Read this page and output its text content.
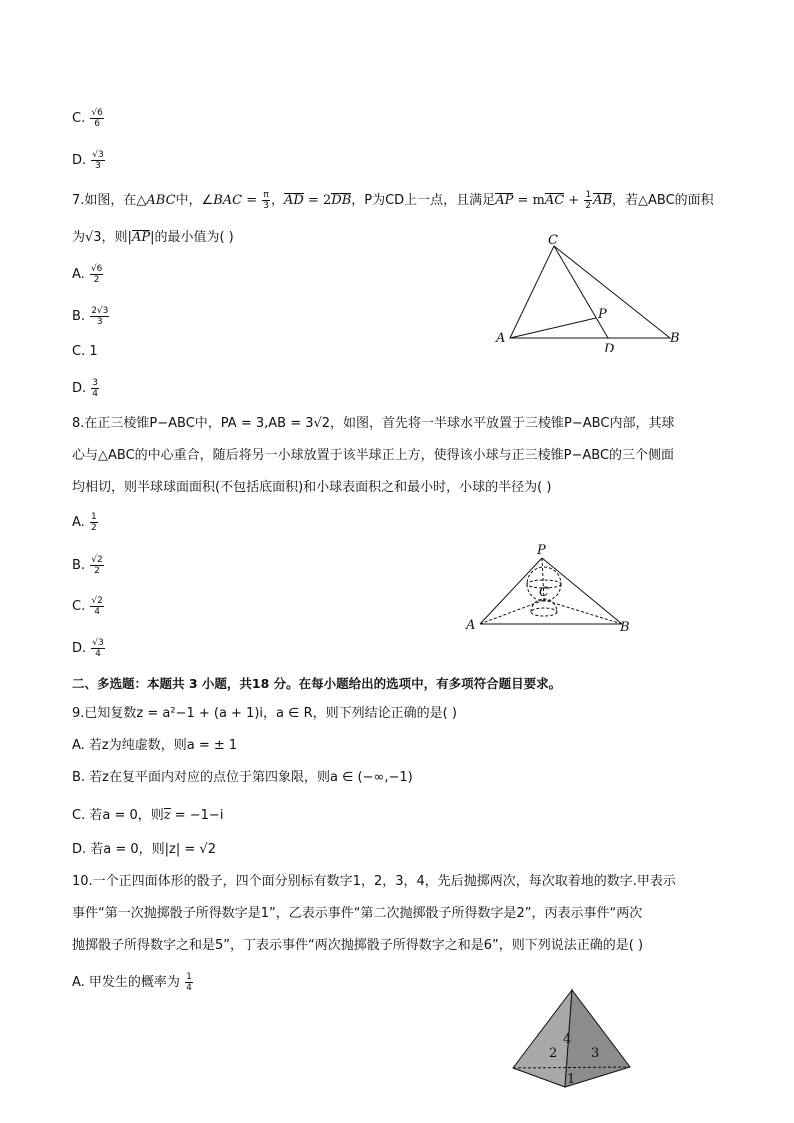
C. $\frac{√6}{6}$
D. $\frac{√3}{3}$
7.如图，在△ABC中，∠BAC = $\frac{\pi}{3}$ ，AD = 2DB，P为CD上一点，且满足AP = mAC + $\frac{1}{2}$ AB，若△ABC的面积
为√3，则|AP|的最小值为( )
A. $\frac{√6}{2}$
B. $\frac{2√3}{3}$
C. 1
D. $\frac{3}{4}$
C
P
A
D
B
8.在正三棱锥P−ABC中，PA = 3,AB = 3√2，如图，首先将一半球水平放置于三棱锥P−ABC内部，其球
心与△ABC的中心重合，随后将另一小球放置于该半球正上方，使得该小球与正三棱锥P−ABC的三个侧面
均相切，则半球球面面积(不包括底面积)和小球表面积之和最小时，小球的半径为( )
A. $\frac{1}{2}$
B. $\frac{√2}{2}$
C. $\frac{√2}{4}$
D. $\frac{√3}{4}$
P
C
A	B
二、多选题：本题共 3 小题，共18 分。在每小题给出的选项中，有多项符合题目要求。
9.已知复数z = a²−1 + (a + 1)i，a ∈ R，则下列结论正确的是( )
A. 若z为纯虚数，则a = ± 1
B. 若z在复平面内对应的点位于第四象限，则a ∈ (−∞,−1)
C. 若a = 0，则z = −1−i
D. 若a = 0，则|z| = √2
10.一个正四面体形的骰子，四个面分别标有数字1，2，3，4，先后抛掷两次，每次取着地的数字.甲表示
事件“第一次抛掷骰子所得数字是1”，乙表示事件“第二次抛掷骰子所得数字是2”，丙表示事件“两次
抛掷骰子所得数字之和是5”，丁表示事件“两次抛掷骰子所得数字之和是6”，则下列说法正确的是( )
A. 甲发生的概率为 $\frac{1}{4}$
4
2	3
1
